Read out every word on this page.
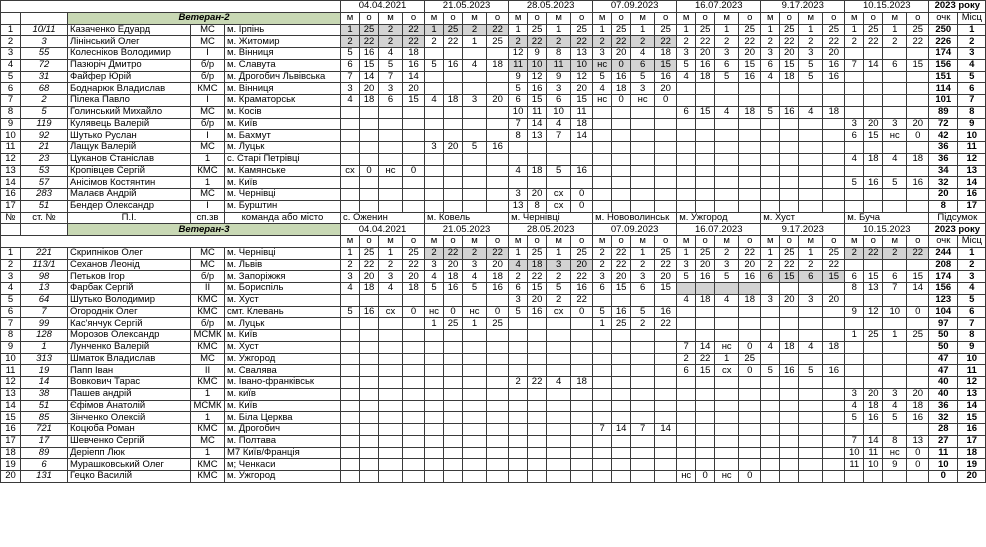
					04.04.2021				21.05.2023				28.05.2023				07.09.2023				16.07.2023				9.17.2023				10.15.2023				2023 року	
		Ветеран-2			м	о	м	о	м	о	м	о	м	о	м	о	м	о	м	о	м	о	м	о	м	о	м	о	м	о	м	о	очк	Місц
1	10/11	Казаченко Едуард	МС	м. Ірпінь	1	25	2	22	1	25	2	22	1	25	1	25	1	25	1	25	1	25	1	25	1	25	1	25	1	25	1	25	250	1
2	3	Лінінський Олег	МС	м. Житомир	2	22	2	22	2	22	1	25	2	22	2	22	2	22	2	22	2	22	2	22	2	22	2	22	2	22	2	22	226	2
3	55	Колесніков Володимир	І	м. Вінниця	5	16	4	18					12	9	8	13	3	20	4	18	3	20	3	20	3	20	3	20					174	3
4	72	Пазюріч Дмитро	б/р	м. Славута	6	15	5	16	5	16	4	18	11	10	11	10	нс	0	6	15	5	16	6	15	6	15	5	16	7	14	6	15	156	4
5	31	Файфер Юрій	б/р	м. Дрогобич Львівська	7	14	7	14					9	12	9	12	5	16	5	16	4	18	5	16	4	18	5	16					151	5
6	68	Боднарюк Владислав	КМС	м. Вінниця	3	20	3	20					5	16	3	20	4	18	3	20													114	6
7	2	Пілека Павло	І	м. Краматорськ	4	18	6	15	4	18	3	20	6	15	6	15	нс	0	нс	0													101	7
8	5	Голинський Михайло	МС	м. Косів									10	11	10	11					6	15	4	18	5	16	4	18					89	8
9	119	Кулявець Валерій	б/р	м. Київ									7	14	4	18													3	20	3	20	72	9
10	92	Шутько Руслан	І	м. Бахмут									8	13	7	14													6	15	нс	0	42	10
11	21	Лащук Валерій	МС	м. Луцьк					3	20	5	16																					36	11
12	23	Цуканов Станіслав	1	с. Старі Петрівці																									4	18	4	18	36	12
13	53	Кропівцев Сергій	КМС	м. Камянське	сх	0	нс	0					4	18	5	16																	34	13
14	57	Анісімов Костянтин	1	м. Київ																									5	16	5	16	32	14
16	283	Малаєв Андрій	МС	м. Чернівці									3	20	сх	0																	20	16
17	51	Бендер Олександр	І	м. Бурштин									13	8	сх	0																	8	17
№	ст. №	П.І.	сп.зв	команда або місто	с. Оженин				м. Ковель				м. Чернівці				м. Нововолинськ				м. Ужгород				м. Хуст				м. Буча				Підсумок	
		Ветеран-3			04.04.2021				21.05.2023				28.05.2023				07.09.2023				16.07.2023				9.17.2023				10.15.2023				2023 року	
					м	о	м	о	м	о	м	о	м	о	м	о	м	о	м	о	м	о	м	о	м	о	м	о	м	о	м	о	очк	Місц
1	221	Скрипніков Олег	МС	м. Чернівці	1	25	1	25	2	22	2	22	1	25	1	25	2	22	1	25	1	25	2	22	1	25	1	25	2	22	2	22	244	1
2	113/1	Сеханов Леонід	МС	м. Львів	2	22	2	22	3	20	3	20	4	18	3	20	2	22	2	22	3	20	3	20	2	22	2	22					208	2
3	98	Петьков Ігор	б/р	м. Запоріжжя	3	20	3	20	4	18	4	18	2	22	2	22	3	20	3	20	5	16	5	16	6	15	6	15	6	15	6	15	174	3
4	13	Фарбак Сергій	ІІ	м. Бориспіль	4	18	4	18	5	16	5	16	6	15	5	16	6	15	6	15									8	13	7	14	156	4
5	64	Шутько Володимир	КМС	м. Хуст									3	20	2	22					4	18	4	18	3	20	3	20					123	5
6	7	Огороднік Олег	КМС	смт. Клевань	5	16	сх	0	нс	0	нс	0	5	16	сх	0	5	16	5	16									9	12	10	0	104	6
7	99	Кас'янчук Сергій	б/р	м. Луцьк					1	25	1	25					1	25	2	22													97	7
8	128	Морозов Олександр	МСМК	м. Київ																									1	25	1	25	50	8
9	1	Лунченко Валерій	КМС	м. Хуст																	7	14	нс	0	4	18	4	18					50	9
10	313	Шматок Владислав	МС	м. Ужгород																	2	22	1	25									47	10
11	19	Папп Іван	ІІ	м. Свалява																	6	15	сх	0	5	16	5	16					47	11
12	14	Вовкович Тарас	КМС	м. Івано-франківськ									2	22	4	18																	40	12
13	38	Пашев андрій	1	м. київ																									3	20	3	20	40	13
14	51	Єфімов Анатолій	МСМК	м. Київ																									4	18	4	18	36	14
15	85	Зінченко Олексій	1	м. Біла Церква																									5	16	5	16	32	15
16	721	Коцюба Роман	КМС	м. Дрогобич													7	14	7	14													28	16
17	17	Шевченко Сергій	МС	м. Полтава																									7	14	8	13	27	17
18	89	Деріепп Люк	1	М7 Київ/Франція																									10	11	нс	0	11	18
19	6	Мурашковський Олег	КМС	м; Ченкаси																									11	10	9	0	10	19
20	131	Гецко Василій	КМС	м. Ужгород																	нс	0	нс	0									0	20
